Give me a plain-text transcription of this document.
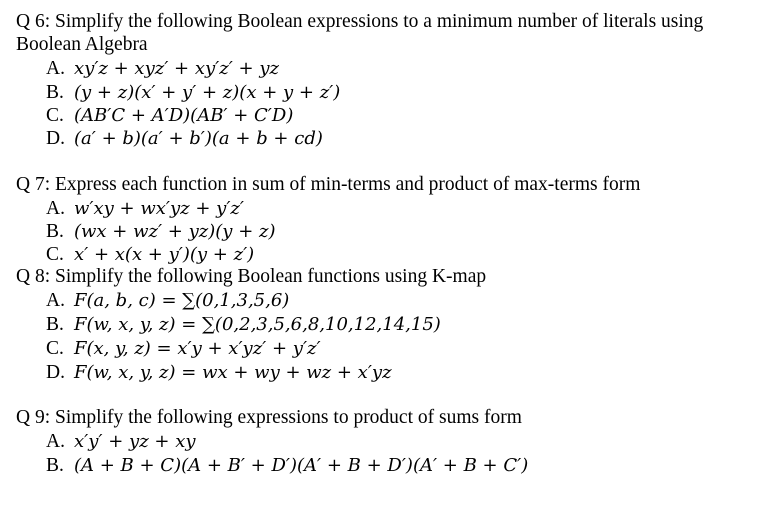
Q 6: Simplify the following Boolean expressions to a minimum number of literals using
Boolean Algebra
A. xy′z + xyz′ + xy′z′ + yz
B. (y + z)(x′ + y′ + z)(x + y + z′)
C. (AB′C + A′D)(AB′ + C′D)
D. (a′ + b)(a′ + b′)(a + b + cd)
Q 7: Express each function in sum of min-terms and product of max-terms form
A. w′xy + wx′yz + y′z′
B. (wx + wz′ + yz)(y + z)
C. x′ + x(x + y′)(y + z′)
Q 8: Simplify the following Boolean functions using K-map
A. F(a, b, c) = ∑(0,1,3,5,6)
B. F(w, x, y, z) = ∑(0,2,3,5,6,8,10,12,14,15)
C. F(x, y, z) = x′y + x′yz′ + y′z′
D. F(w, x, y, z) = wx + wy + wz + x′yz
Q 9: Simplify the following expressions to product of sums form
A. x′y′ + yz + xy
B. (A + B + C)(A + B′ + D′)(A′ + B + D′)(A′ + B + C′)
